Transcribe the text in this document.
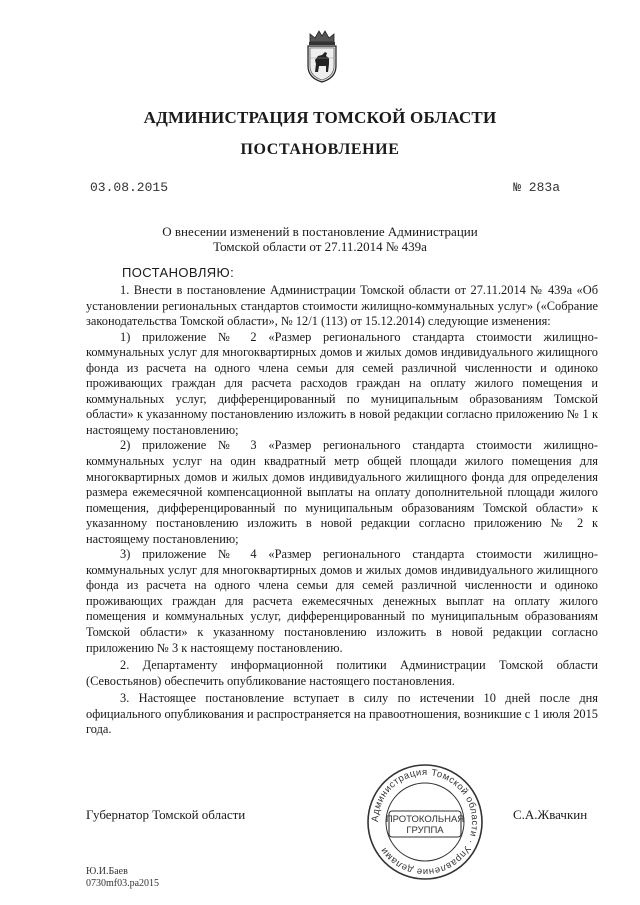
АДМИНИСТРАЦИЯ ТОМСКОЙ ОБЛАСТИ
ПОСТАНОВЛЕНИЕ
03.08.2015	№ 283а
О внесении изменений в постановление Администрации
Томской области от 27.11.2014 № 439а
ПОСТАНОВЛЯЮ:

1. Внести в постановление Администрации Томской области от 27.11.2014 № 439а «Об установлении региональных стандартов стоимости жилищно-коммунальных услуг» («Собрание законодательства Томской области», № 12/1 (113) от 15.12.2014) следующие изменения:

1) приложение № 2 «Размер регионального стандарта стоимости жилищно-коммунальных услуг для многоквартирных домов и жилых домов индивидуального жилищного фонда из расчета на одного члена семьи для семей различной численности и одиноко проживающих граждан для расчета расходов граждан на оплату жилого помещения и коммунальных услуг, дифференцированный по муниципальным образованиям Томской области» к указанному постановлению изложить в новой редакции согласно приложению № 1 к настоящему постановлению;

2) приложение № 3 «Размер регионального стандарта стоимости жилищно-коммунальных услуг на один квадратный метр общей площади жилого помещения для многоквартирных домов и жилых домов индивидуального жилищного фонда для определения размера ежемесячной компенсационной выплаты на оплату дополнительной площади жилого помещения, дифференцированный по муниципальным образованиям Томской области» к указанному постановлению изложить в новой редакции согласно приложению № 2 к настоящему постановлению;

3) приложение № 4 «Размер регионального стандарта стоимости жилищно-коммунальных услуг для многоквартирных домов и жилых домов индивидуального жилищного фонда из расчета на одного члена семьи для семей различной численности и одиноко проживающих граждан для расчета ежемесячных денежных выплат на оплату жилого помещения и коммунальных услуг, дифференцированный по муниципальным образованиям Томской области» к указанному постановлению изложить в новой редакции согласно приложению № 3 к настоящему постановлению.

2. Департаменту информационной политики Администрации Томской области (Севостьянов) обеспечить опубликование настоящего постановления.

3. Настоящее постановление вступает в силу по истечении 10 дней после дня официального опубликования и распространяется на правоотношения, возникшие с 1 июля 2015 года.

Губернатор Томской области	С.А.Жвачкин
Администрация Томской области · Управление делами
ПРОТОКОЛЬНАЯ
ГРУППА
Ю.И.Баев
0730mf03.pa2015
